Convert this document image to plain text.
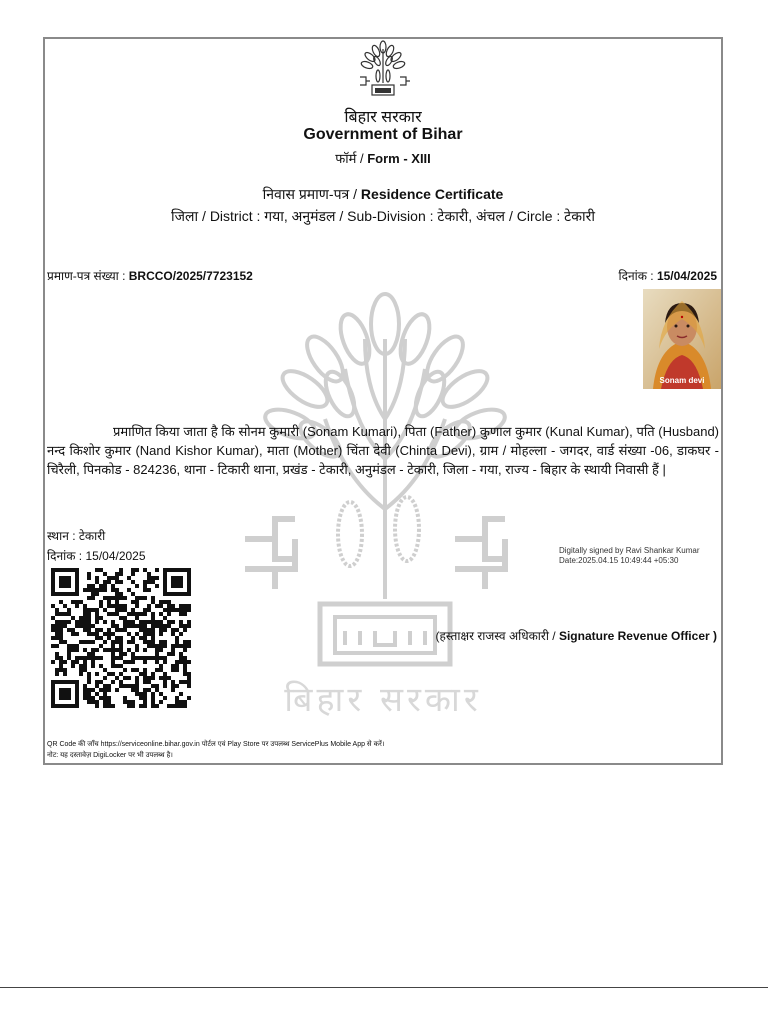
बिहार सरकार
बिहार सरकार
Government of Bihar
फॉर्म / Form - XIII
निवास प्रमाण-पत्र / Residence Certificate
जिला / District : गया, अनुमंडल / Sub-Division : टेकारी, अंचल / Circle : टेकारी
प्रमाण-पत्र संख्या : BRCCO/2025/7723152	दिनांक : 15/04/2025
Sonam devi
प्रमाणित किया जाता है कि सोनम कुमारी (Sonam Kumari), पिता (Father) कुणाल कुमार (Kunal Kumar), पति (Husband) नन्द किशोर कुमार (Nand Kishor Kumar), माता (Mother) चिंता देवी (Chinta Devi), ग्राम / मोहल्ला - जगदर, वार्ड संख्या -06, डाकघर - चिरैली, पिनकोड - 824236, थाना - टिकारी थाना, प्रखंड - टेकारी, अनुमंडल - टेकारी, जिला - गया, राज्य - बिहार के स्थायी निवासी हैं |
स्थान : टेकारी
दिनांक : 15/04/2025	Digitally signed by Ravi Shankar Kumar
Date:2025.04.15 10:49:44 +05:30
(हस्ताक्षर राजस्व अधिकारी / Signature Revenue Officer )
QR Code की जाँच https://serviceonline.bihar.gov.in पोर्टल एवं Play Store पर उपलब्ध ServicePlus Mobile App से करें।
नोट: यह दस्तावेज़ DigiLocker पर भी उपलब्ध है।
